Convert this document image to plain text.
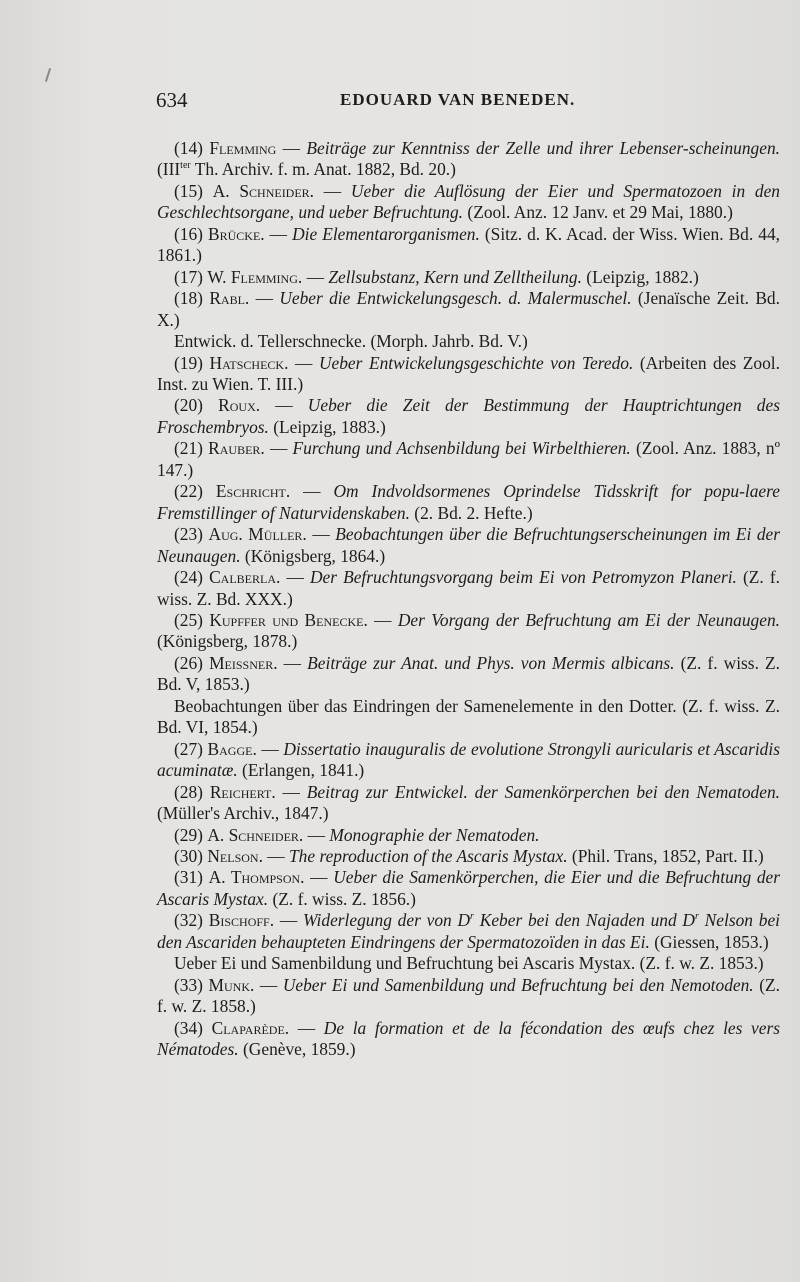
634	EDOUARD VAN BENEDEN.

(14) Flemming — Beiträge zur Kenntniss der Zelle und ihrer Lebenser-scheinungen. ($III^{ter}$ Th. Archiv. f. m. Anat. 1882, Bd. 20.)

(15) A. Schneider. — Ueber die Auflösung der Eier und Spermatozoen in den Geschlechtsorgane, und ueber Befruchtung. (Zool. Anz. 12 Janv. et 29 Mai, 1880.)

(16) Brücke. — Die Elementarorganismen. (Sitz. d. K. Acad. der Wiss. Wien. Bd. 44, 1861.)

(17) W. Flemming. — Zellsubstanz, Kern und Zelltheilung. (Leipzig, 1882.)

(18) Rabl. — Ueber die Entwickelungsgesch. d. Malermuschel. (Jenaïsche Zeit. Bd. X.)

Entwick. d. Tellerschnecke. (Morph. Jahrb. Bd. V.)

(19) Hatscheck. — Ueber Entwickelungsgeschichte von Teredo. (Arbeiten des Zool. Inst. zu Wien. T. III.)

(20) Roux. — Ueber die Zeit der Bestimmung der Hauptrichtungen des Froschembryos. (Leipzig, 1883.)

(21) Rauber. — Furchung und Achsenbildung bei Wirbelthieren. (Zool. Anz. 1883, nº 147.)

(22) Eschricht. — Om Indvoldsormenes Oprindelse Tidsskrift for popu-laere Fremstillinger of Naturvidenskaben. (2. Bd. 2. Hefte.)

(23) Aug. Müller. — Beobachtungen über die Befruchtungserscheinungen im Ei der Neunaugen. (Königsberg, 1864.)

(24) Calberla. — Der Befruchtungsvorgang beim Ei von Petromyzon Planeri. (Z. f. wiss. Z. Bd. XXX.)

(25) Kupffer und Benecke. — Der Vorgang der Befruchtung am Ei der Neunaugen. (Königsberg, 1878.)

(26) Meissner. — Beiträge zur Anat. und Phys. von Mermis albicans. (Z. f. wiss. Z. Bd. V, 1853.)

Beobachtungen über das Eindringen der Samenelemente in den Dotter. (Z. f. wiss. Z. Bd. VI, 1854.)

(27) Bagge. — Dissertatio inauguralis de evolutione Strongyli auricularis et Ascaridis acuminatæ. (Erlangen, 1841.)

(28) Reichert. — Beitrag zur Entwickel. der Samenkörperchen bei den Nematoden. (Müller's Archiv., 1847.)

(29) A. Schneider. — Monographie der Nematoden.

(30) Nelson. — The reproduction of the Ascaris Mystax. (Phil. Trans, 1852, Part. II.)

(31) A. Thompson. — Ueber die Samenkörperchen, die Eier und die Befruchtung der Ascaris Mystax. (Z. f. wiss. Z. 1856.)

(32) Bischoff. — Widerlegung der von $D^r$ Keber bei den Najaden und $D^r$ Nelson bei den Ascariden behaupteten Eindringens der Spermatozoïden in das Ei. (Giessen, 1853.)

Ueber Ei und Samenbildung und Befruchtung bei Ascaris Mystax. (Z. f. w. Z. 1853.)

(33) Munk. — Ueber Ei und Samenbildung und Befruchtung bei den Nemotoden. (Z. f. w. Z. 1858.)

(34) Claparède. — De la formation et de la fécondation des œufs chez les vers Nématodes. (Genève, 1859.)
